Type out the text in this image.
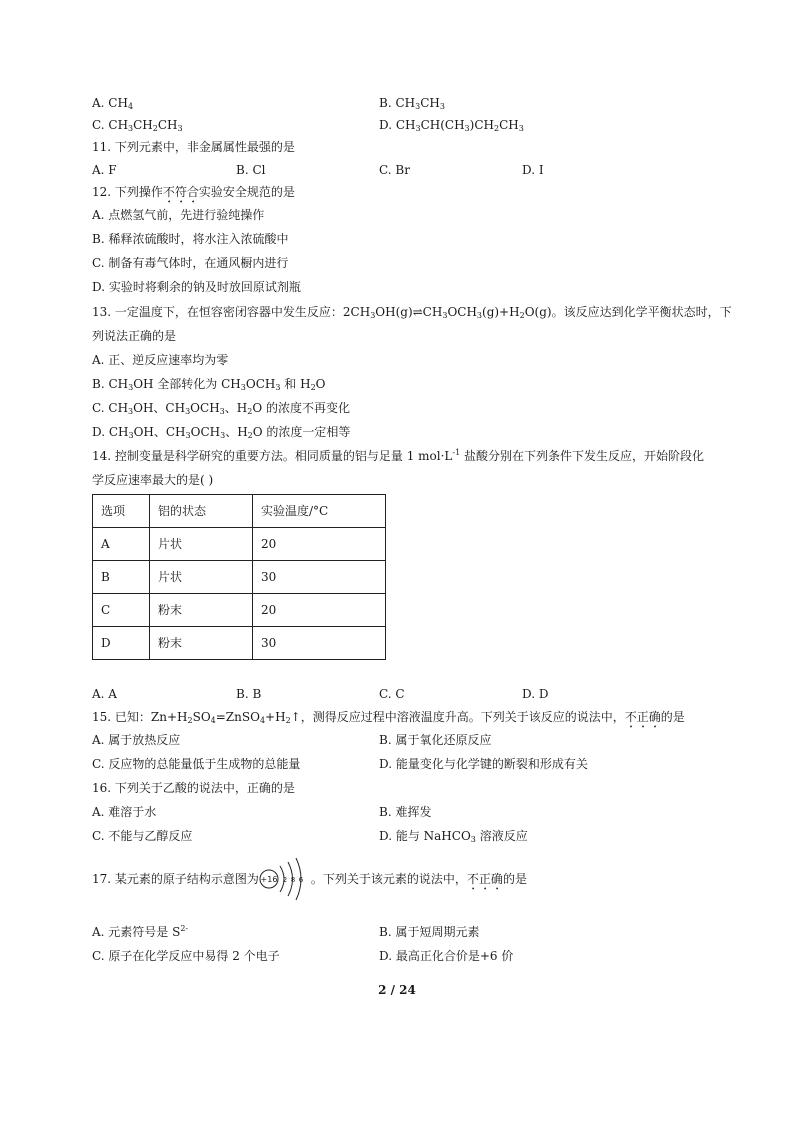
A. $CH_4$	B. $CH_3CH_3$
C. $CH_3CH_2CH_3$	D. $CH_3CH(CH_3)CH_2CH_3$
11. 下列元素中，非金属属性最强的是
A. F	B. Cl	C. Br	D. I
12. 下列操作不符合实验安全规范的是
A. 点燃氢气前，先进行验纯操作
B. 稀释浓硫酸时，将水注入浓硫酸中
C. 制备有毒气体时，在通风橱内进行
D. 实验时将剩余的钠及时放回原试剂瓶
13. 一定温度下，在恒容密闭容器中发生反应：$2CH_3OH(g)\rightleftharpoons CH_3OCH_3(g)+H_2O(g)$。该反应达到化学平衡状态时，下
列说法正确的是
A. 正、逆反应速率均为零
B. $CH_3OH$ 全部转化为 $CH_3OCH_3$ 和 $H_2O$
C. $CH_3OH$、$CH_3OCH_3$、$H_2O$ 的浓度不再变化
D. $CH_3OH$、$CH_3OCH_3$、$H_2O$ 的浓度一定相等
14. 控制变量是科学研究的重要方法。相同质量的铝与足量 1 $mol\cdot L^{-1}$ 盐酸分别在下列条件下发生反应，开始阶段化
学反应速率最大的是( )
选项	铝的状态	实验温度/°C
A	片状	20
B	片状	30
C	粉末	20
D	粉末	30
A. A	B. B	C. C	D. D
15. 已知：$Zn+H_2SO_4=ZnSO_4+H_2↑$，测得反应过程中溶液温度升高。下列关于该反应的说法中，不正确的是
A. 属于放热反应	B. 属于氧化还原反应
C. 反应物的总能量低于生成物的总能量	D. 能量变化与化学键的断裂和形成有关
16. 下列关于乙酸的说法中，正确的是
A. 难溶于水	B. 难挥发
C. 不能与乙醇反应	D. 能与 NaHCO$_3$ 溶液反应
17. 某元素的原子结构示意图为	。下列关于该元素的说法中，不正确的是
+16 2 8 6
A. 元素符号是 $S^{2-}$	B. 属于短周期元素
C. 原子在化学反应中易得 2 个电子	D. 最高正化合价是+6 价
2 / 24
